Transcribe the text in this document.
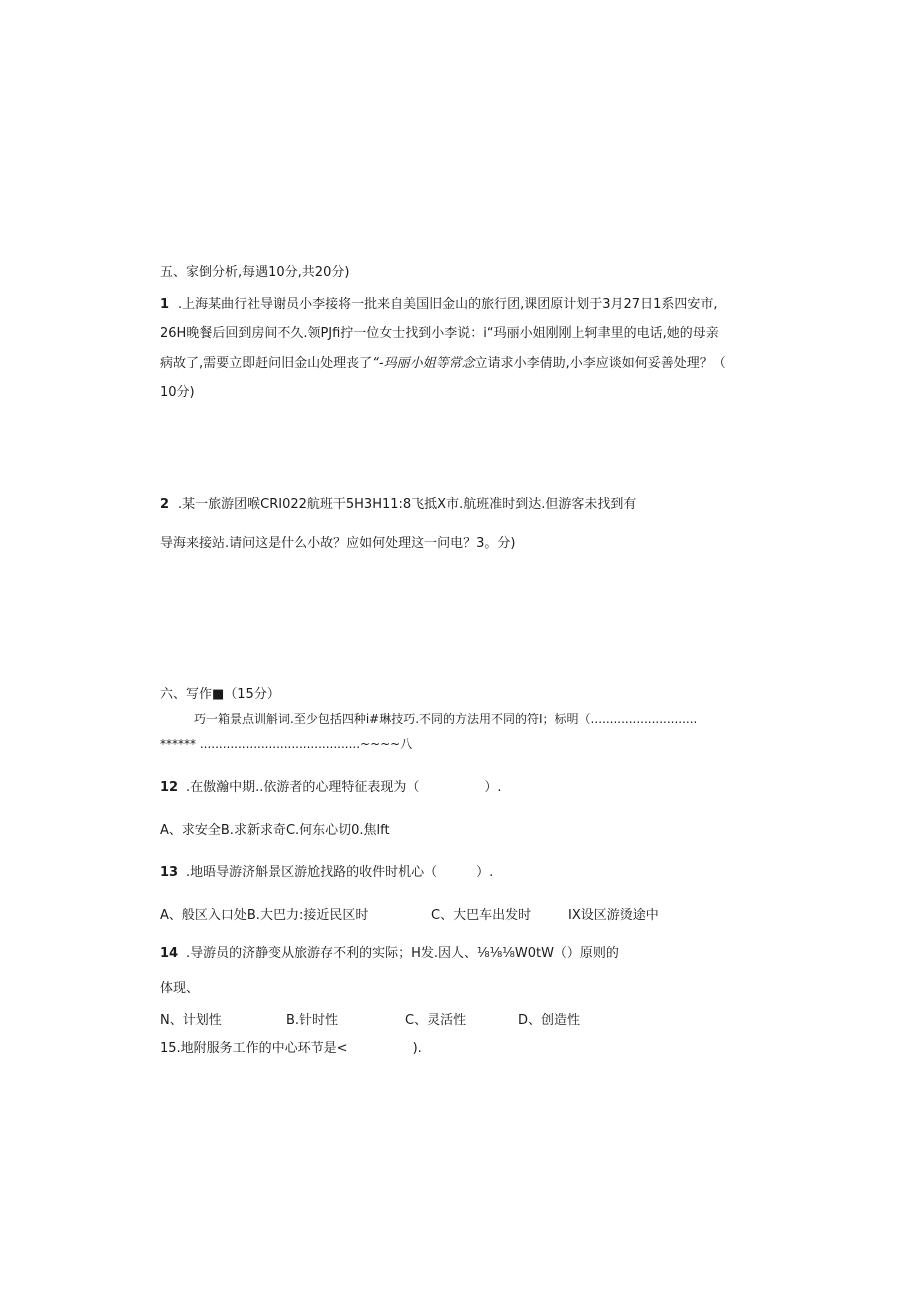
五、家倒分析,每遇10分,共20分)
1 .上海某曲行社导谢员小李接将一批来自美国旧金山的旅行团,课团原计划于3月27日1系四安市,
26H晚餐后回到房间不久.领PJfi拧一位女士找到小李说：i“玛丽小姐刚刚上轲聿里的电话,她的母亲
病故了,需要立即赶问旧金山处理丧了“-玛丽小姐等常念立请求小李倩助,小李应谈如何妥善处理？（
10分)
2 .某一旅游团喉CRI022航班干5H3H11:8飞抵X市.航班准时到达.但游客未找到有
导海来接站.请问这是什么小故？应如何处理这一问电？3。分)
六、写作■（15分）
巧一箱景点训斛词.至少包括四种i#琳技巧.不同的方法用不同的符I；标明（............................
****** ..........................................~~~~八
12 .在傲瀚中期..依游者的心理特征表现为（　　　　　）.
A、求安全B.求新求奇C.何东心切0.焦lft
13 .地晤导游济斛景区游尬找路的收件时机心（　　　）.
A、般区入口处B.大巴力:接近民区时	C、大巴车出发时	IX设区游烫途中
14 .导游员的济静变从旅游存不利的实际；H发.因人、⅛⅛⅛W0tW（）原则的
体现、
N、计划性	B.针时性	C、灵活性	D、创造性
15.地附服务工作的中心环节是<　　　　　).
